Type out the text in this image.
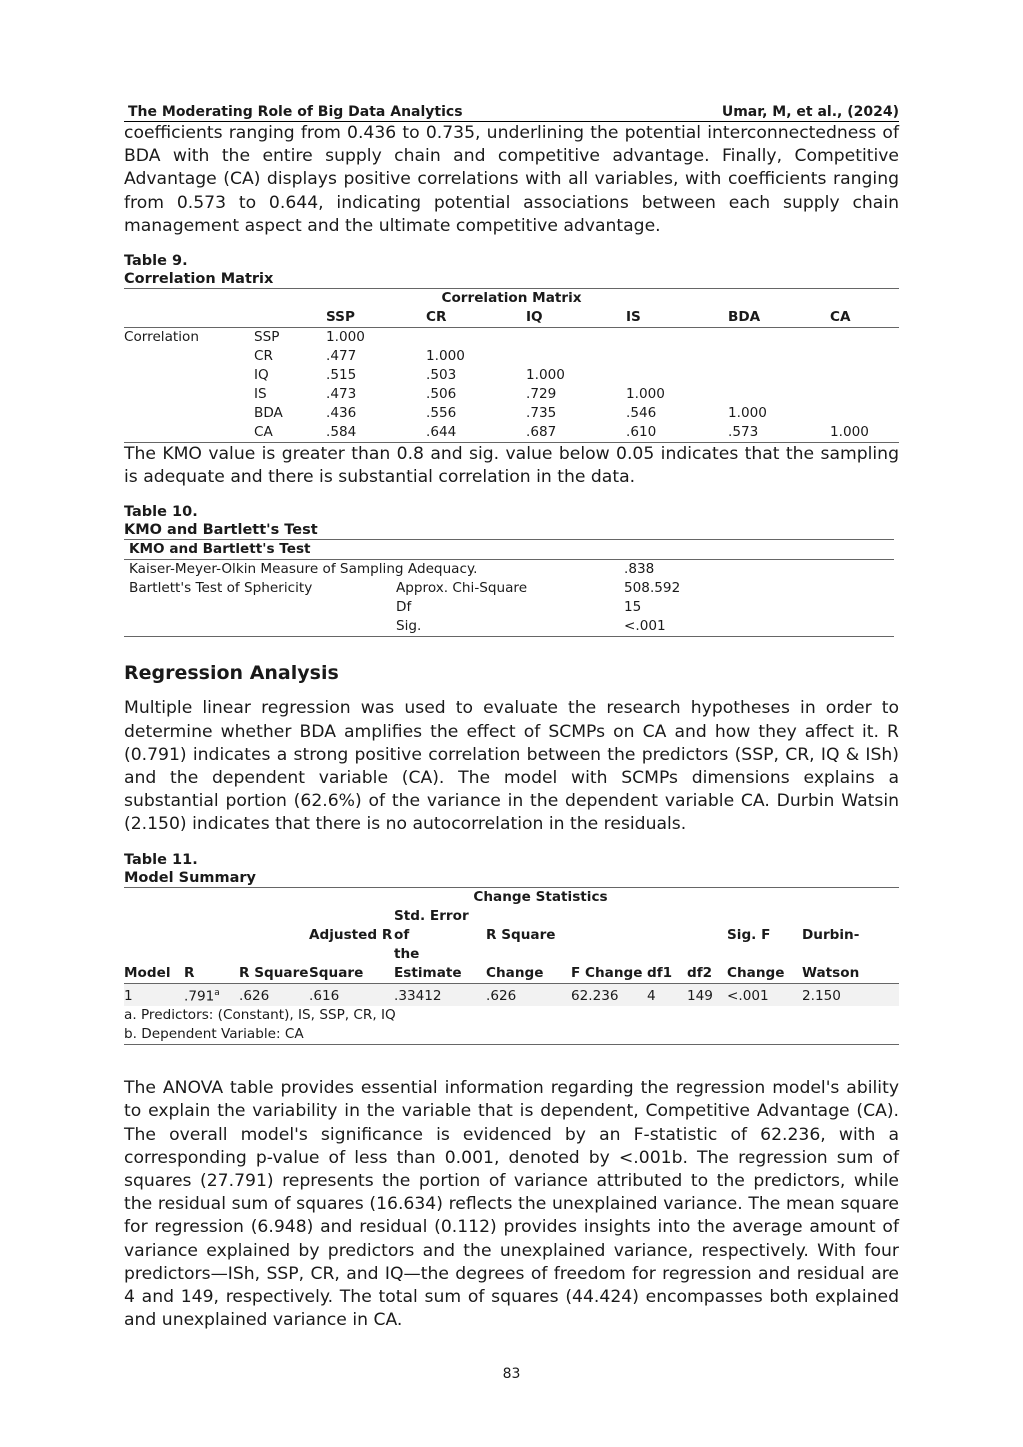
The Moderating Role of Big Data Analytics	Umar, M, et al., (2024)

coefficients ranging from 0.436 to 0.735, underlining the potential interconnectedness of BDA with the entire supply chain and competitive advantage. Finally, Competitive Advantage (CA) displays positive correlations with all variables, with coefficients ranging from 0.573 to 0.644, indicating potential associations between each supply chain management aspect and the ultimate competitive advantage.

Table 9.
Correlation Matrix
Correlation Matrix							
		SSP	CR	IQ	IS	BDA	CA
Correlation	SSP	1.000					
	CR	.477	1.000				
	IQ	.515	.503	1.000			
	IS	.473	.506	.729	1.000		
	BDA	.436	.556	.735	.546	1.000	
	CA	.584	.644	.687	.610	.573	1.000

The KMO value is greater than 0.8 and sig. value below 0.05 indicates that the sampling is adequate and there is substantial correlation in the data.

Table 10.
KMO and Bartlett's Test
KMO and Bartlett's Test		
Kaiser-Meyer-Olkin Measure of Sampling Adequacy.		.838
Bartlett's Test of Sphericity	Approx. Chi-Square	508.592
	Df	15
	Sig.	<.001
Regression Analysis

Multiple linear regression was used to evaluate the research hypotheses in order to determine whether BDA amplifies the effect of SCMPs on CA and how they affect it. R (0.791) indicates a strong positive correlation between the predictors (SSP, CR, IQ & ISh) and the dependent variable (CA). The model with SCMPs dimensions explains a substantial portion (62.6%) of the variance in the dependent variable CA. Durbin Watsin (2.150) indicates that there is no autocorrelation in the residuals.

Table 11.
Model Summary
				Change Statistics						
			Adjusted R	Std. Error of	R Square				Sig. F	Durbin-
Model	R	R Square	Square	the Estimate	Change	F Change	df1	df2	Change	Watson
1	.791$^a$	.626	.616	.33412	.626	62.236	4	149	<.001	2.150
a. Predictors: (Constant), IS, SSP, CR, IQ										
b. Dependent Variable: CA										

The ANOVA table provides essential information regarding the regression model's ability to explain the variability in the variable that is dependent, Competitive Advantage (CA). The overall model's significance is evidenced by an F-statistic of 62.236, with a corresponding p-value of less than 0.001, denoted by <.001b. The regression sum of squares (27.791) represents the portion of variance attributed to the predictors, while the residual sum of squares (16.634) reflects the unexplained variance. The mean square for regression (6.948) and residual (0.112) provides insights into the average amount of variance explained by predictors and the unexplained variance, respectively. With four predictors—ISh, SSP, CR, and IQ—the degrees of freedom for regression and residual are 4 and 149, respectively. The total sum of squares (44.424) encompasses both explained and unexplained variance in CA.

83
